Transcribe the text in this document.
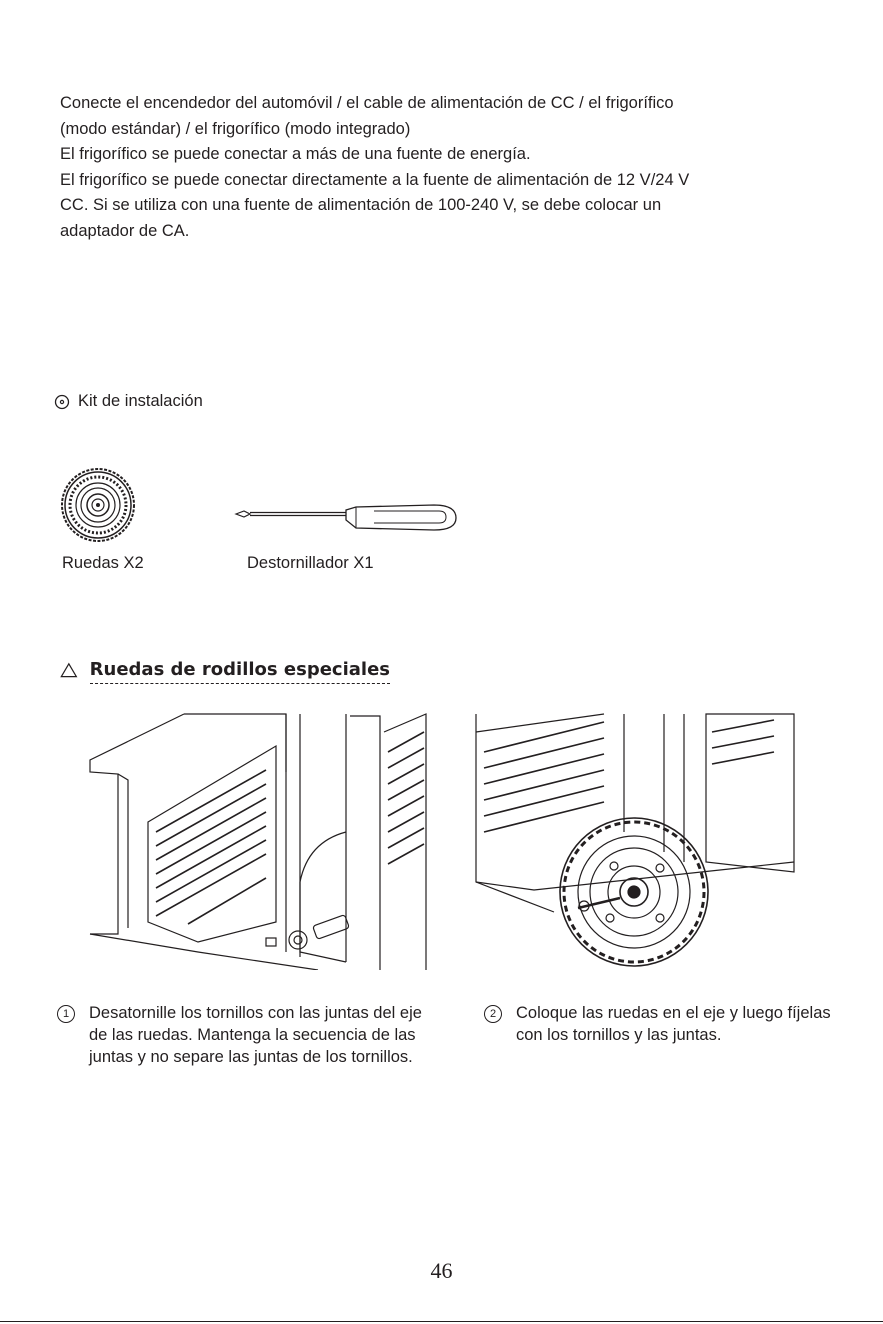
Conecte el encendedor del automóvil / el cable de alimentación de CC / el frigorífico

(modo estándar) / el frigorífico (modo integrado)

El frigorífico se puede conectar a más de una fuente de energía.

El frigorífico se puede conectar directamente a la fuente de alimentación de 12 V/24 V

CC. Si se utiliza con una fuente de alimentación de 100-240 V, se debe colocar un

adaptador de CA.

Kit de instalación
Ruedas X2	Destornillador X1
Ruedas de rodillos especiales
1	Desatornille los tornillos con las juntas del eje de las ruedas. Mantenga la secuencia de las juntas y no separe las juntas de los tornillos.
2	Coloque las ruedas en el eje y luego fíjelas con los tornillos y las juntas.
46
